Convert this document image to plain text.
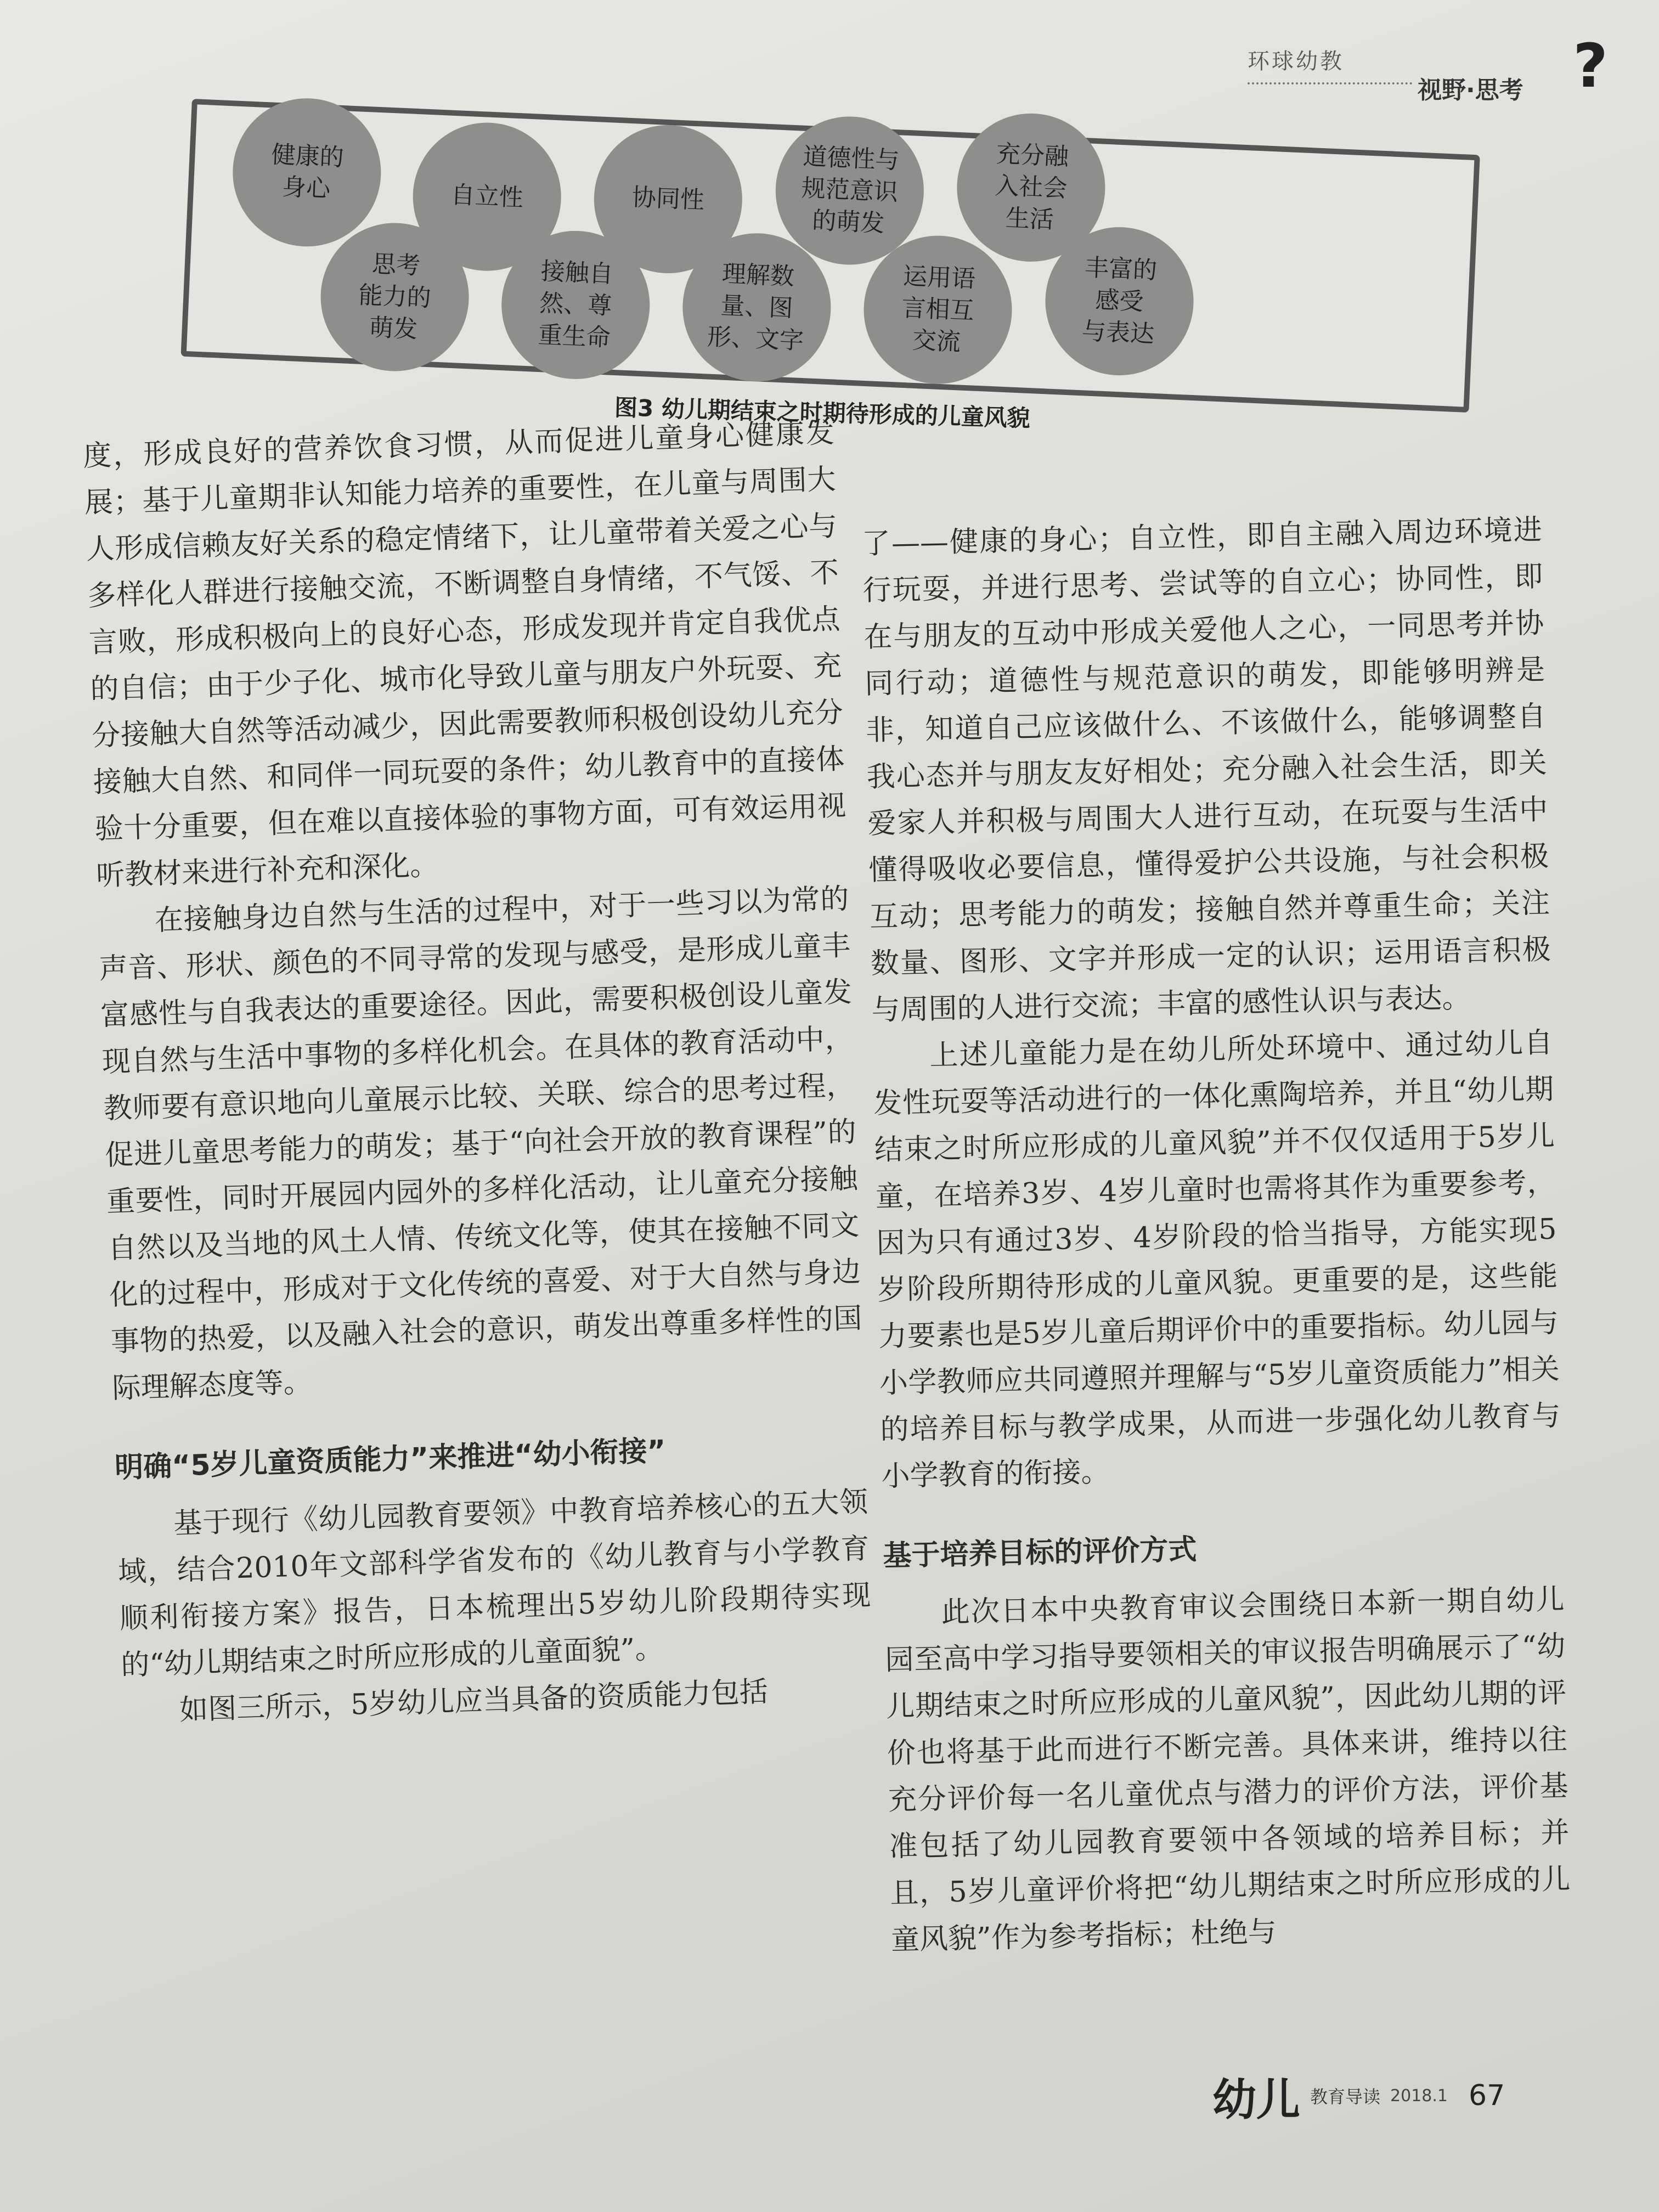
环球幼教
视野·思考 ?
健康的
身心	自立性	协同性
道德性与
规范意识
的萌发
充分融
入社会
生活
思考
能力的
萌发
接触自
然、尊
重生命
理解数
量、图
形、文字
运用语
言相互
交流
丰富的
感受
与表达
图3 幼儿期结束之时期待形成的儿童风貌

度，形成良好的营养饮食习惯，从而促进儿童身心健康发展；基于儿童期非认知能力培养的重要性，在儿童与周围大人形成信赖友好关系的稳定情绪下，让儿童带着关爱之心与多样化人群进行接触交流，不断调整自身情绪，不气馁、不言败，形成积极向上的良好心态，形成发现并肯定自我优点的自信；由于少子化、城市化导致儿童与朋友户外玩耍、充分接触大自然等活动减少，因此需要教师积极创设幼儿充分接触大自然、和同伴一同玩耍的条件；幼儿教育中的直接体验十分重要，但在难以直接体验的事物方面，可有效运用视听教材来进行补充和深化。

在接触身边自然与生活的过程中，对于一些习以为常的声音、形状、颜色的不同寻常的发现与感受，是形成儿童丰富感性与自我表达的重要途径。因此，需要积极创设儿童发现自然与生活中事物的多样化机会。在具体的教育活动中，教师要有意识地向儿童展示比较、关联、综合的思考过程，促进儿童思考能力的萌发；基于“向社会开放的教育课程”的重要性，同时开展园内园外的多样化活动，让儿童充分接触自然以及当地的风土人情、传统文化等，使其在接触不同文化的过程中，形成对于文化传统的喜爱、对于大自然与身边事物的热爱，以及融入社会的意识，萌发出尊重多样性的国际理解态度等。

明确“5岁儿童资质能力”来推进“幼小衔接”

基于现行《幼儿园教育要领》中教育培养核心的五大领域，结合2010年文部科学省发布的《幼儿教育与小学教育顺利衔接方案》报告，日本梳理出5岁幼儿阶段期待实现的“幼儿期结束之时所应形成的儿童面貌”。

如图三所示，5岁幼儿应当具备的资质能力包括

了——健康的身心；自立性，即自主融入周边环境进行玩耍，并进行思考、尝试等的自立心；协同性，即在与朋友的互动中形成关爱他人之心，一同思考并协同行动；道德性与规范意识的萌发，即能够明辨是非，知道自己应该做什么、不该做什么，能够调整自我心态并与朋友友好相处；充分融入社会生活，即关爱家人并积极与周围大人进行互动，在玩耍与生活中懂得吸收必要信息，懂得爱护公共设施，与社会积极互动；思考能力的萌发；接触自然并尊重生命；关注数量、图形、文字并形成一定的认识；运用语言积极与周围的人进行交流；丰富的感性认识与表达。

上述儿童能力是在幼儿所处环境中、通过幼儿自发性玩耍等活动进行的一体化熏陶培养，并且“幼儿期结束之时所应形成的儿童风貌”并不仅仅适用于5岁儿童，在培养3岁、4岁儿童时也需将其作为重要参考，因为只有通过3岁、4岁阶段的恰当指导，方能实现5岁阶段所期待形成的儿童风貌。更重要的是，这些能力要素也是5岁儿童后期评价中的重要指标。幼儿园与小学教师应共同遵照并理解与“5岁儿童资质能力”相关的培养目标与教学成果，从而进一步强化幼儿教育与小学教育的衔接。

基于培养目标的评价方式

此次日本中央教育审议会围绕日本新一期自幼儿园至高中学习指导要领相关的审议报告明确展示了“幼儿期结束之时所应形成的儿童风貌”，因此幼儿期的评价也将基于此而进行不断完善。具体来讲，维持以往充分评价每一名儿童优点与潜力的评价方法，评价基准包括了幼儿园教育要领中各领域的培养目标；并且，5岁儿童评价将把“幼儿期结束之时所应形成的儿童风貌”作为参考指标；杜绝与

幼儿 教育导读 2018.1 67
